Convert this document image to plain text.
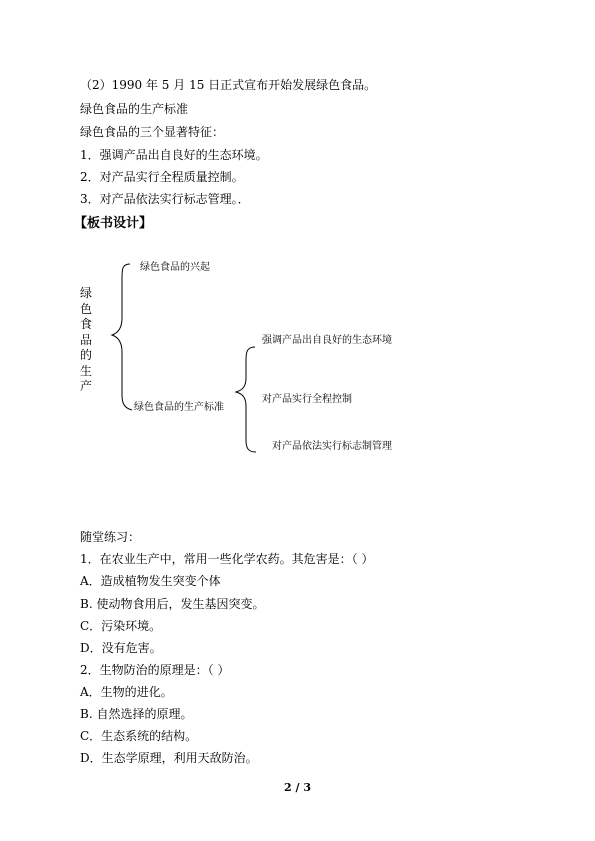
（2）1990 年 5 月 15 日正式宣布开始发展绿色食品。
绿色食品的生产标准
绿色食品的三个显著特征：
1．强调产品出自良好的生态环境。
2．对产品实行全程质量控制。
3．对产品依法实行标志管理。．
【板书设计】
绿
色
食
品
的
生
产
绿色食品的兴起
绿色食品的生产标准
强调产品出自良好的生态环境
对产品实行全程控制
对产品依法实行标志制管理
随堂练习：
1．在农业生产中，常用一些化学农药。其危害是：（ ）
A．造成植物发生突变个体
B. 使动物食用后，发生基因突变。
C．污染环境。
D．没有危害。
2．生物防治的原理是：（ ）
A．生物的进化。
B. 自然选择的原理。
C．生态系统的结构。
D．生态学原理，利用天敌防治。
2 / 3
